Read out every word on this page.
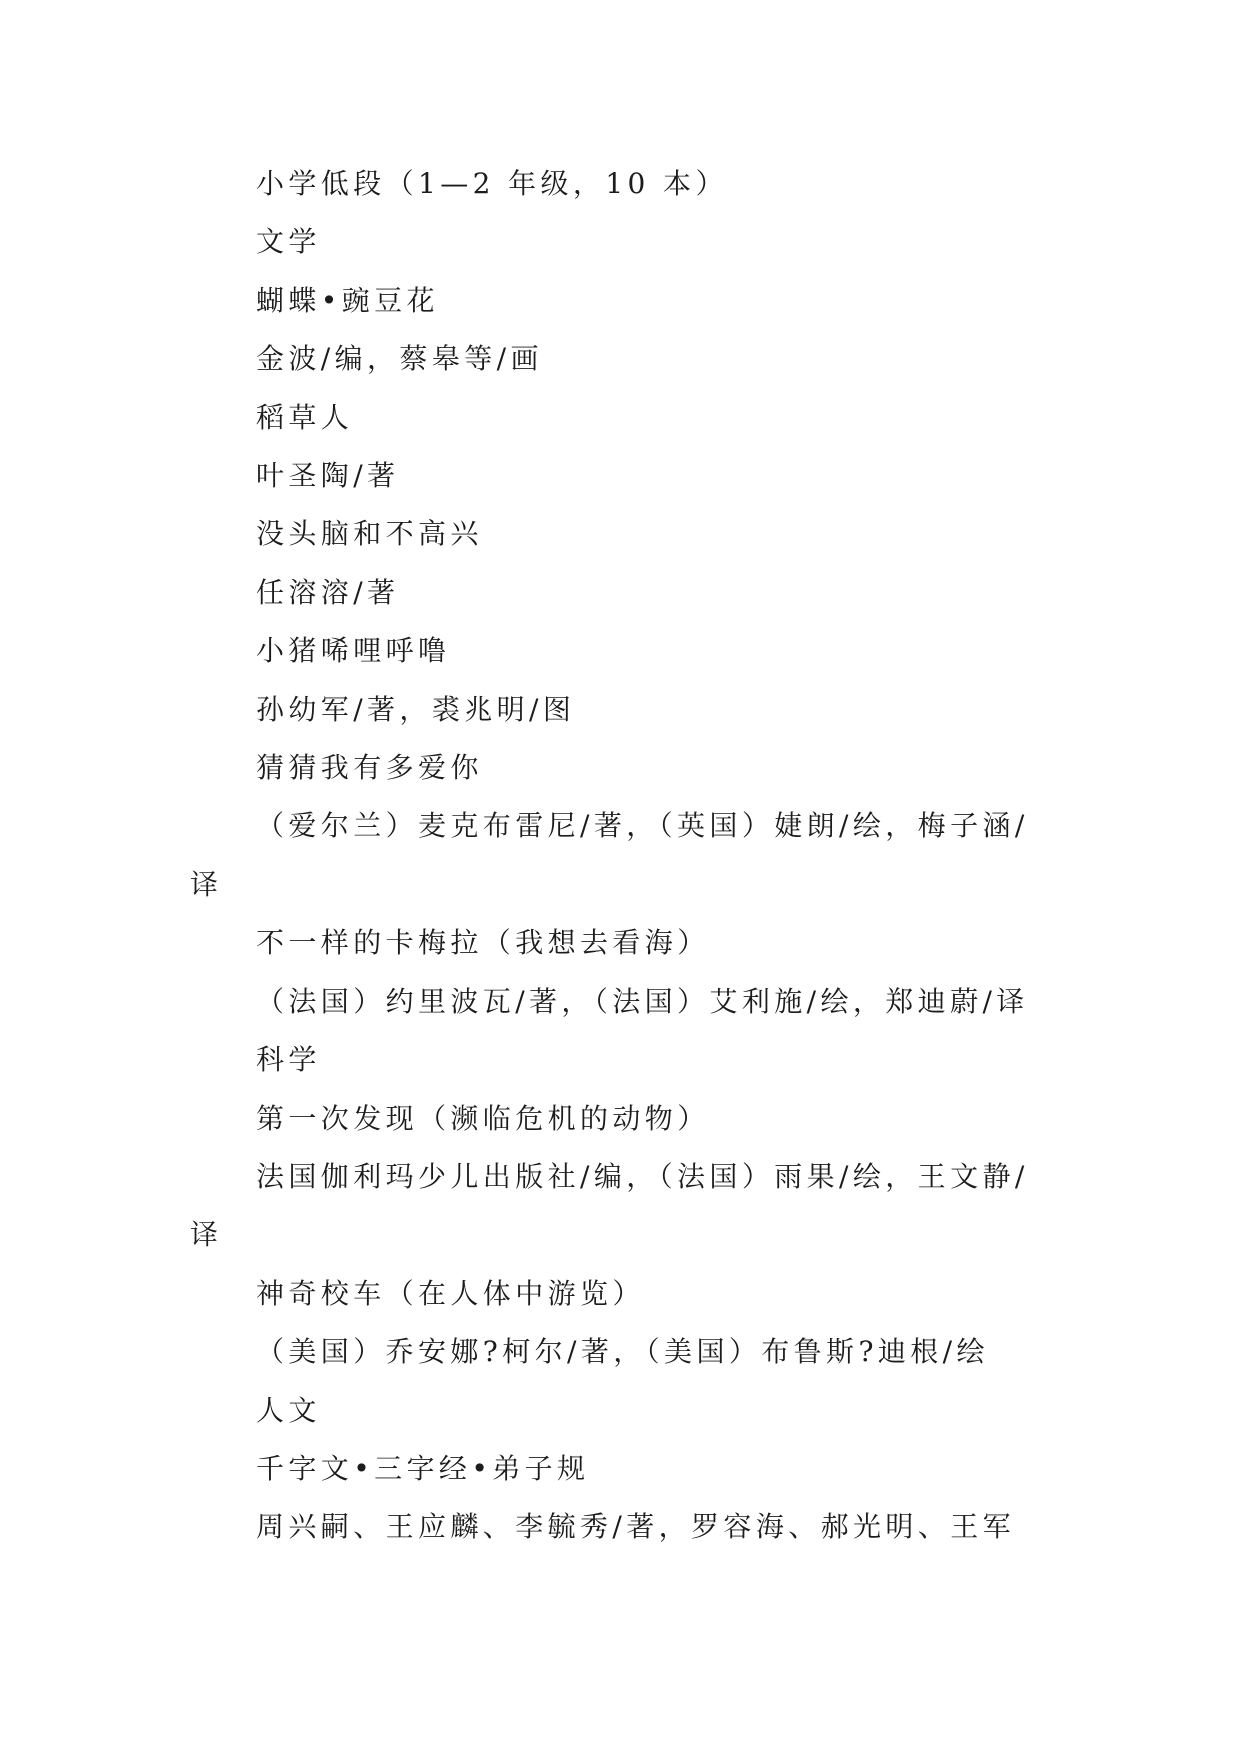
小学低段（1—2 年级，10 本）

文学

蝴蝶•豌豆花

金波/编，蔡皋等/画

稻草人

叶圣陶/著

没头脑和不高兴

任溶溶/著

小猪唏哩呼噜

孙幼军/著，裘兆明/图

猜猜我有多爱你

（爱尔兰）麦克布雷尼/著，（英国）婕朗/绘，梅子涵/译

不一样的卡梅拉（我想去看海）

（法国）约里波瓦/著，（法国）艾利施/绘，郑迪蔚/译

科学

第一次发现（濒临危机的动物）

法国伽利玛少儿出版社/编，（法国）雨果/绘，王文静/译

神奇校车（在人体中游览）

（美国）乔安娜?柯尔/著，（美国）布鲁斯?迪根/绘

人文

千字文•三字经•弟子规

周兴嗣、王应麟、李毓秀/著，罗容海、郝光明、王军
